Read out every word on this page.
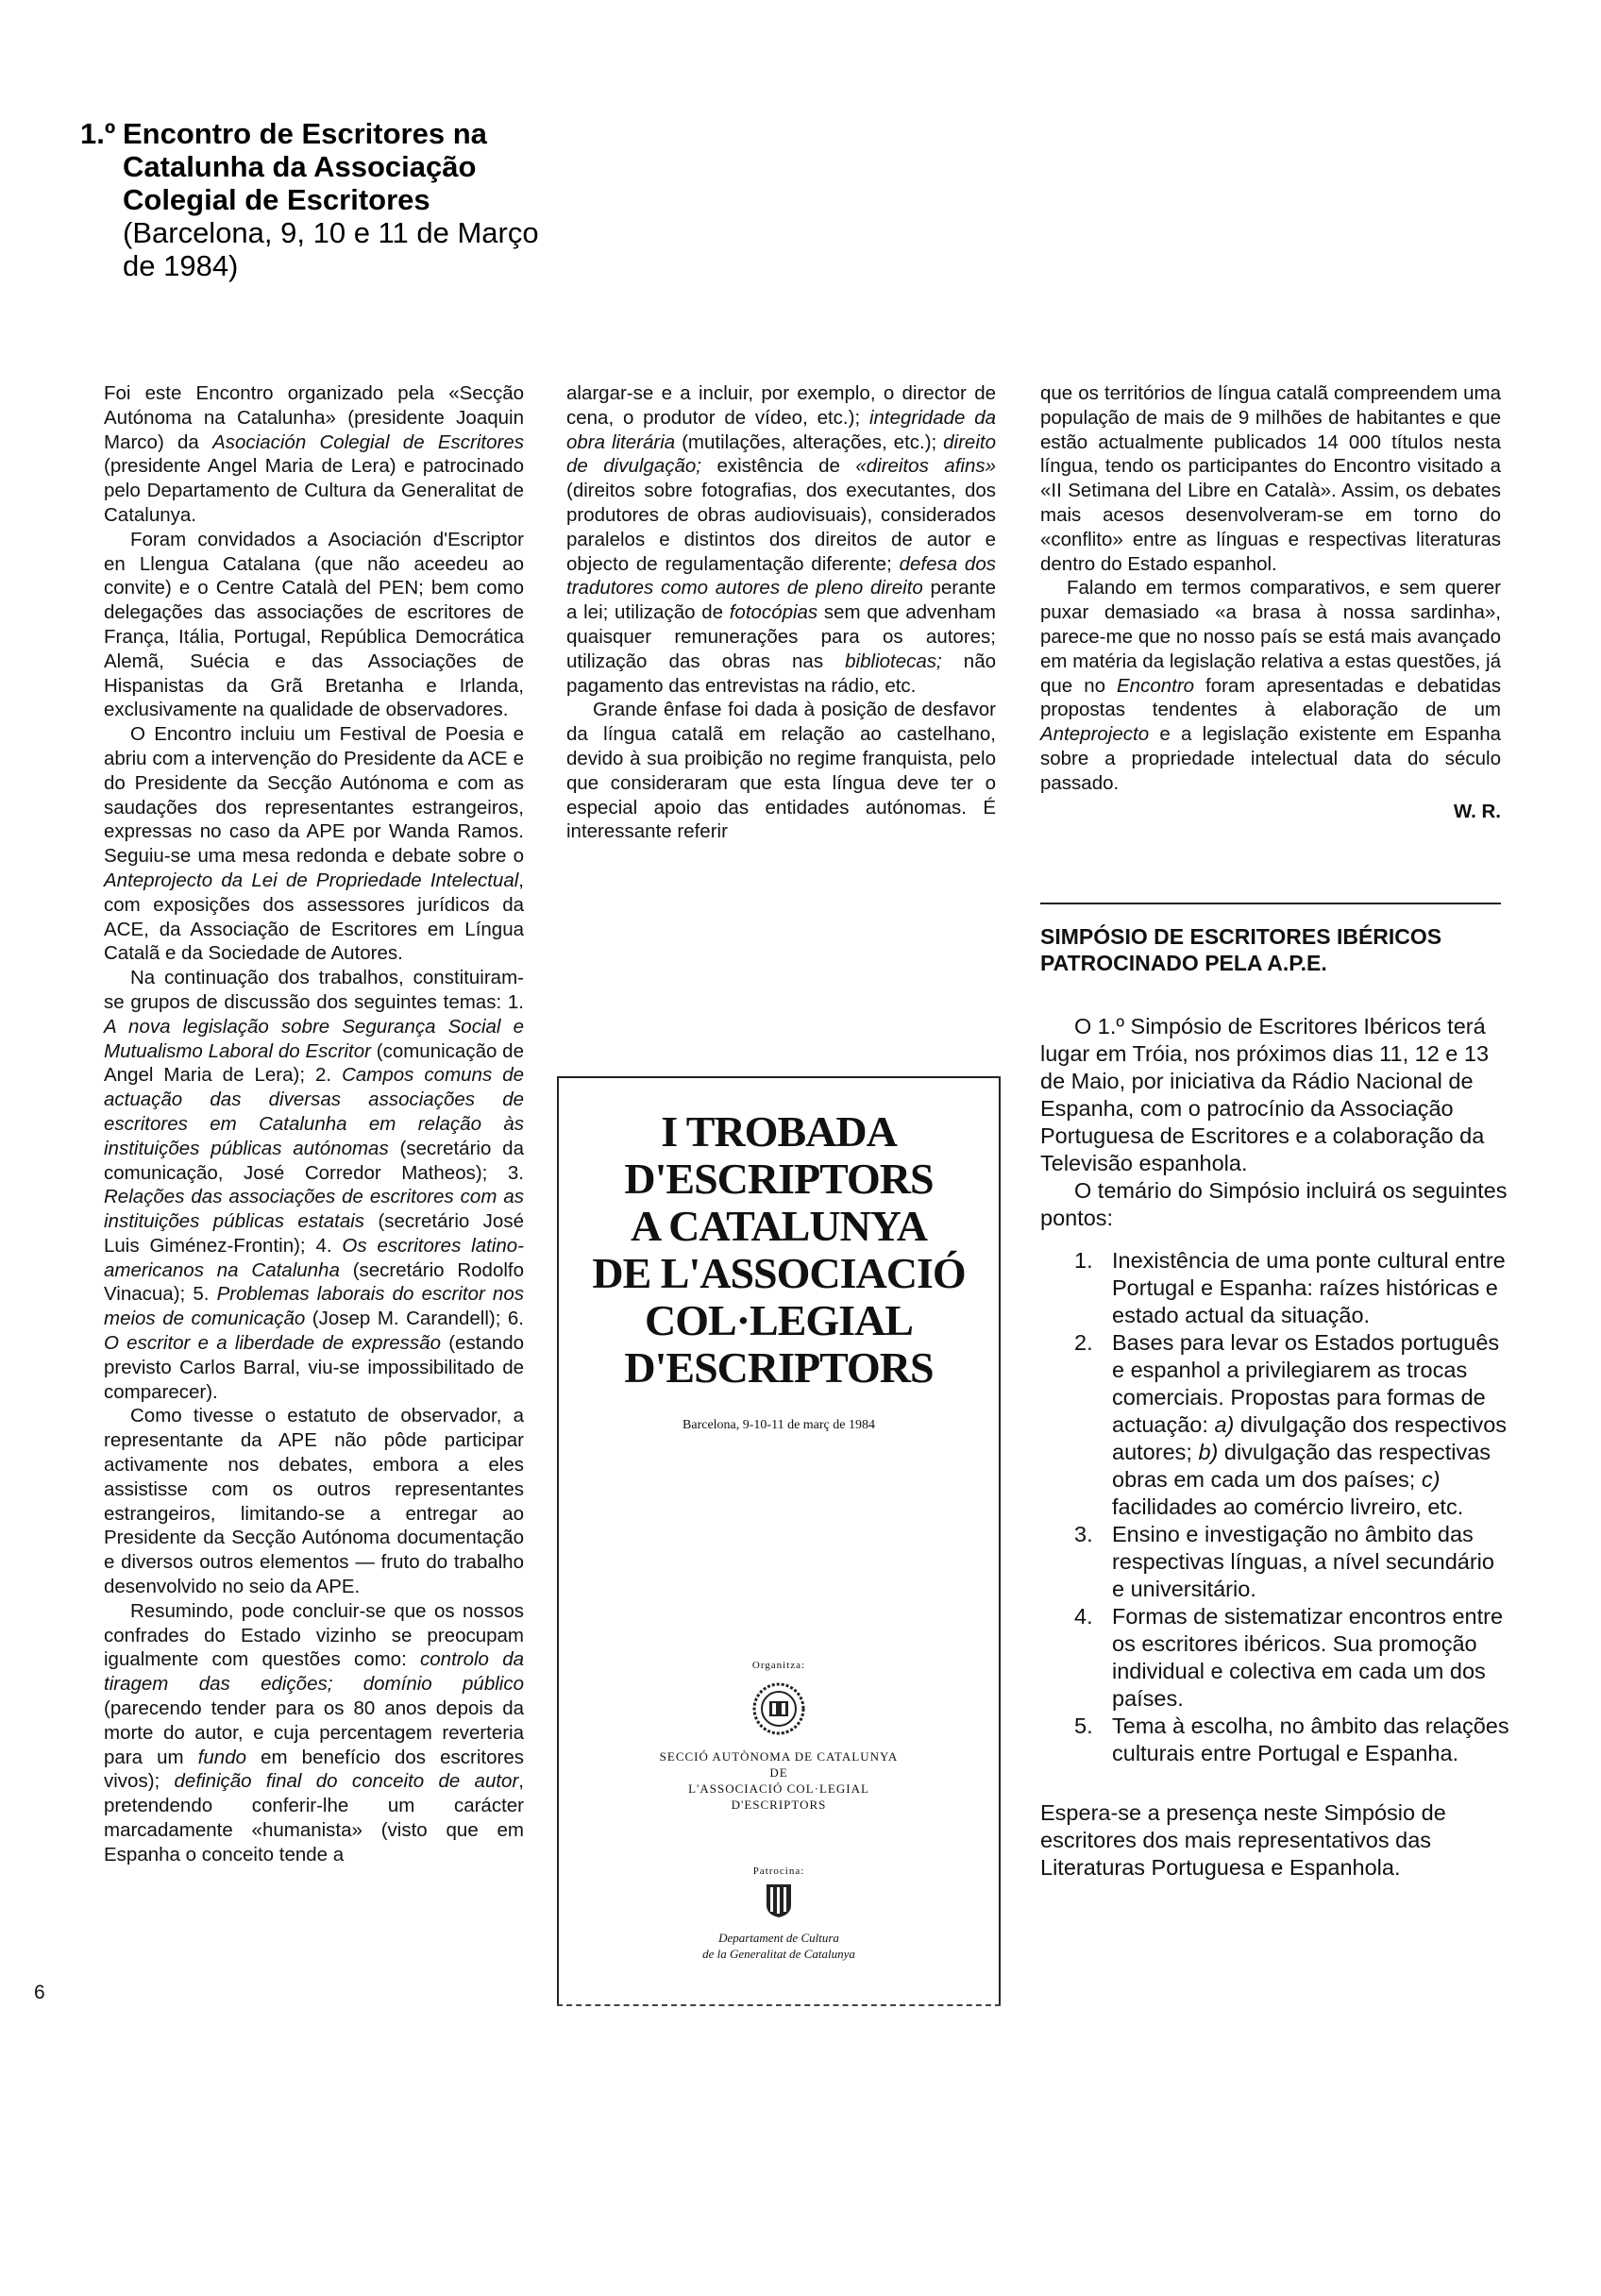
1.º Encontro de Escritores na Catalunha da Associação Colegial de Escritores (Barcelona, 9, 10 e 11 de Março de 1984)

Foi este Encontro organizado pela «Secção Autónoma na Catalunha» (presidente Joaquin Marco) da Asociación Colegial de Escritores (presidente Angel Maria de Lera) e patrocinado pelo Departamento de Cultura da Generalitat de Catalunya.

Foram convidados a Asociación d'Escriptor en Llengua Catalana (que não aceedeu ao convite) e o Centre Català del PEN; bem como delegações das associações de escritores de França, Itália, Portugal, República Democrática Alemã, Suécia e das Associações de Hispanistas da Grã Bretanha e Irlanda, exclusivamente na qualidade de observadores.

O Encontro incluiu um Festival de Poesia e abriu com a intervenção do Presidente da ACE e do Presidente da Secção Autónoma e com as saudações dos representantes estrangeiros, expressas no caso da APE por Wanda Ramos. Seguiu-se uma mesa redonda e debate sobre o Anteprojecto da Lei de Propriedade Intelectual, com exposições dos assessores jurídicos da ACE, da Associação de Escritores em Língua Catalã e da Sociedade de Autores.

Na continuação dos trabalhos, constituiram-se grupos de discussão dos seguintes temas: 1. A nova legislação sobre Segurança Social e Mutualismo Laboral do Escritor (comunicação de Angel Maria de Lera); 2. Campos comuns de actuação das diversas associações de escritores em Catalunha em relação às instituições públicas autónomas (secretário da comunicação, José Corredor Matheos); 3. Relações das associações de escritores com as instituições públicas estatais (secretário José Luis Giménez-Frontin); 4. Os escritores latino-americanos na Catalunha (secretário Rodolfo Vinacua); 5. Problemas laborais do escritor nos meios de comunicação (Josep M. Carandell); 6. O escritor e a liberdade de expressão (estando previsto Carlos Barral, viu-se impossibilitado de comparecer).

Como tivesse o estatuto de observador, a representante da APE não pôde participar activamente nos debates, embora a eles assistisse com os outros representantes estrangeiros, limitando-se a entregar ao Presidente da Secção Autónoma documentação e diversos outros elementos — fruto do trabalho desenvolvido no seio da APE.

Resumindo, pode concluir-se que os nossos confrades do Estado vizinho se preocupam igualmente com questões como: controlo da tiragem das edições; domínio público (parecendo tender para os 80 anos depois da morte do autor, e cuja percentagem reverteria para um fundo em benefício dos escritores vivos); definição final do conceito de autor, pretendendo conferir-lhe um carácter marcadamente «humanista» (visto que em Espanha o conceito tende a

6

alargar-se e a incluir, por exemplo, o director de cena, o produtor de vídeo, etc.); integridade da obra literária (mutilações, alterações, etc.); direito de divulgação; existência de «direitos afins» (direitos sobre fotografias, dos executantes, dos produtores de obras audiovisuais), considerados paralelos e distintos dos direitos de autor e objecto de regulamentação diferente; defesa dos tradutores como autores de pleno direito perante a lei; utilização de fotocópias sem que advenham quaisquer remunerações para os autores; utilização das obras nas bibliotecas; não pagamento das entrevistas na rádio, etc.

Grande ênfase foi dada à posição de desfavor da língua catalã em relação ao castelhano, devido à sua proibição no regime franquista, pelo que consideraram que esta língua deve ter o especial apoio das entidades autónomas. É interessante referir

I TROBADA
D'ESCRIPTORS
A CATALUNYA
DE L'ASSOCIACIÓ
COL·LEGIAL
D'ESCRIPTORS
Barcelona, 9-10-11 de març de 1984
Organitza:
SECCIÓ AUTÒNOMA DE CATALUNYA
DE
L'ASSOCIACIÓ COL·LEGIAL
D'ESCRIPTORS
Patrocina:
Departament de Cultura
de la Generalitat de Catalunya

que os territórios de língua catalã compreendem uma população de mais de 9 milhões de habitantes e que estão actualmente publicados 14 000 títulos nesta língua, tendo os participantes do Encontro visitado a «II Setimana del Libre en Català». Assim, os debates mais acesos desenvolveram-se em torno do «conflito» entre as línguas e respectivas literaturas dentro do Estado espanhol.

Falando em termos comparativos, e sem querer puxar demasiado «a brasa à nossa sardinha», parece-me que no nosso país se está mais avançado em matéria da legislação relativa a estas questões, já que no Encontro foram apresentadas e debatidas propostas tendentes à elaboração de um Anteprojecto e a legislação existente em Espanha sobre a propriedade intelectual data do século passado.

W. R.
SIMPÓSIO DE ESCRITORES IBÉRICOS PATROCINADO PELA A.P.E.

O 1.º Simpósio de Escritores Ibéricos terá lugar em Tróia, nos próximos dias 11, 12 e 13 de Maio, por iniciativa da Rádio Nacional de Espanha, com o patrocínio da Associação Portuguesa de Escritores e a colaboração da Televisão espanhola.

O temário do Simpósio incluirá os seguintes pontos:

1. Inexistência de uma ponte cultural entre Portugal e Espanha: raízes históricas e estado actual da situação.
2. Bases para levar os Estados português e espanhol a privilegiarem as trocas comerciais. Propostas para formas de actuação: a) divulgação dos respectivos autores; b) divulgação das respectivas obras em cada um dos países; c) facilidades ao comércio livreiro, etc.
3. Ensino e investigação no âmbito das respectivas línguas, a nível secundário e universitário.
4. Formas de sistematizar encontros entre os escritores ibéricos. Sua promoção individual e colectiva em cada um dos países.
5. Tema à escolha, no âmbito das relações culturais entre Portugal e Espanha.

Espera-se a presença neste Simpósio de escritores dos mais representativos das Literaturas Portuguesa e Espanhola.
